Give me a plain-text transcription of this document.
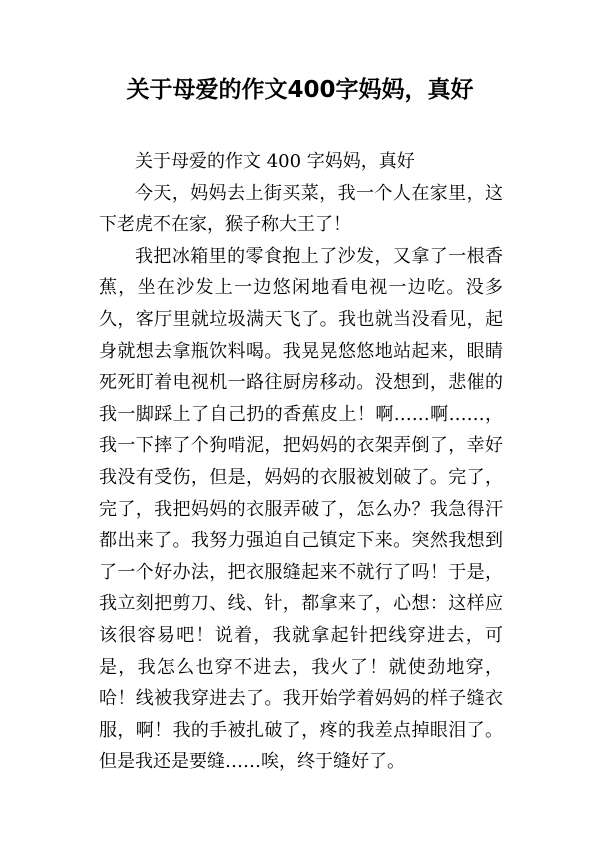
关于母爱的作文400字妈妈，真好

关于母爱的作文 400 字妈妈，真好

今天，妈妈去上街买菜，我一个人在家里，这下老虎不在家，猴子称大王了！

我把冰箱里的零食抱上了沙发，又拿了一根香蕉，坐在沙发上一边悠闲地看电视一边吃。没多久，客厅里就垃圾满天飞了。我也就当没看见，起身就想去拿瓶饮料喝。我晃晃悠悠地站起来，眼睛死死盯着电视机一路往厨房移动。没想到，悲催的我一脚踩上了自己扔的香蕉皮上！啊……啊……，我一下摔了个狗啃泥，把妈妈的衣架弄倒了，幸好我没有受伤，但是，妈妈的衣服被划破了。完了，完了，我把妈妈的衣服弄破了，怎么办？我急得汗都出来了。我努力强迫自己镇定下来。突然我想到了一个好办法，把衣服缝起来不就行了吗！于是，我立刻把剪刀、线、针，都拿来了，心想：这样应该很容易吧！说着，我就拿起针把线穿进去，可是，我怎么也穿不进去，我火了！就使劲地穿，哈！线被我穿进去了。我开始学着妈妈的样子缝衣服，啊！我的手被扎破了，疼的我差点掉眼泪了。但是我还是要缝……唉，终于缝好了。
